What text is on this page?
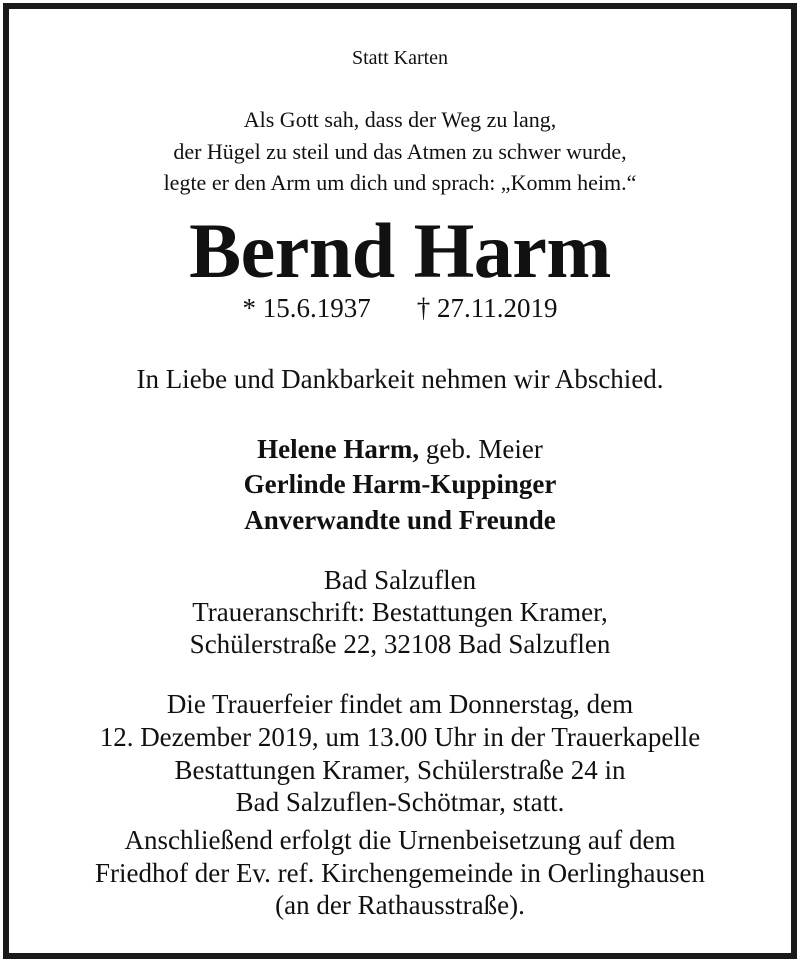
Statt Karten
Als Gott sah, dass der Weg zu lang,
der Hügel zu steil und das Atmen zu schwer wurde,
legte er den Arm um dich und sprach: „Komm heim.“
Bernd Harm
* 15.6.1937 † 27.11.2019
In Liebe und Dankbarkeit nehmen wir Abschied.
Helene Harm, geb. Meier
Gerlinde Harm-Kuppinger
Anverwandte und Freunde
Bad Salzuflen
Traueranschrift: Bestattungen Kramer,
Schülerstraße 22, 32108 Bad Salzuflen
Die Trauerfeier findet am Donnerstag, dem
12. Dezember 2019, um 13.00 Uhr in der Trauerkapelle
Bestattungen Kramer, Schülerstraße 24 in
Bad Salzuflen-Schötmar, statt.
Anschließend erfolgt die Urnenbeisetzung auf dem
Friedhof der Ev. ref. Kirchengemeinde in Oerlinghausen
(an der Rathausstraße).
